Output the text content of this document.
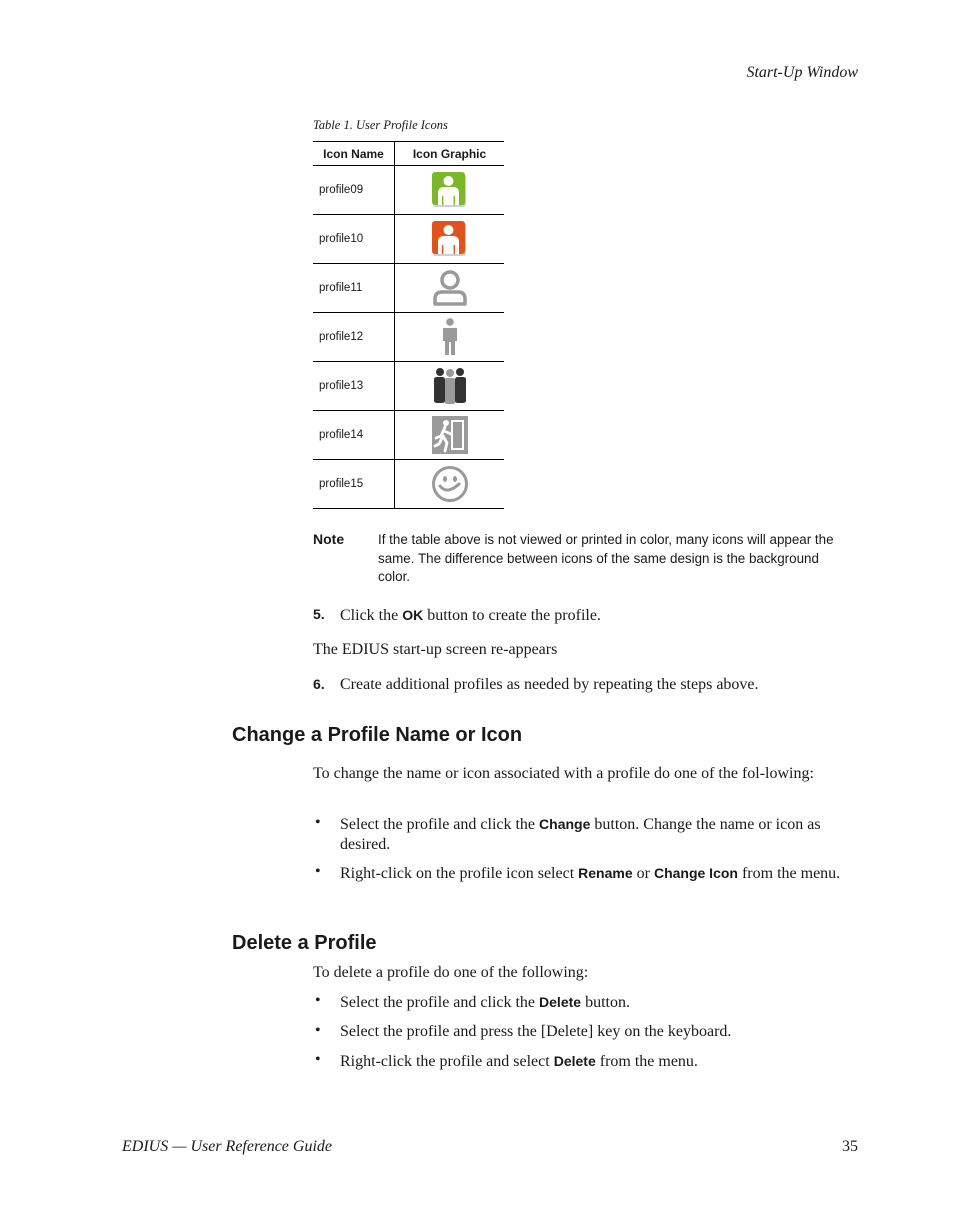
Start-Up Window
Table 1. User Profile Icons
Icon Name	Icon Graphic
profile09	

profile10	

profile11	

profile12	

profile13	

profile14	

profile15	
Note	If the table above is not viewed or printed in color, many icons will appear the same. The difference between icons of the same design is the background color.
5. Click the OK button to create the profile.
The EDIUS start-up screen re-appears
6. Create additional profiles as needed by repeating the steps above.
Change a Profile Name or Icon
To change the name or icon associated with a profile do one of the fol-lowing:
• Select the profile and click the Change button. Change the name or icon as desired.
• Right-click on the profile icon select Rename or Change Icon from the menu.
Delete a Profile
To delete a profile do one of the following:
• Select the profile and click the Delete button.
• Select the profile and press the [Delete] key on the keyboard.
• Right-click the profile and select Delete from the menu.
EDIUS — User Reference Guide	35
